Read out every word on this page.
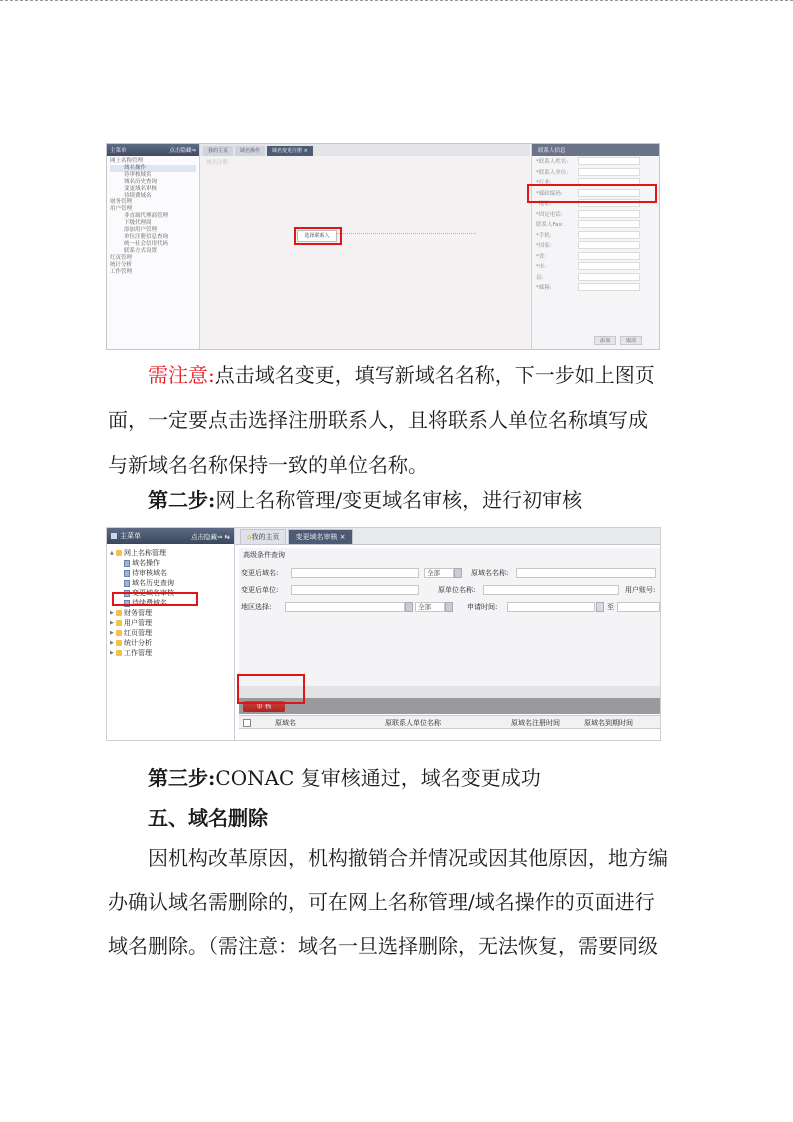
主菜单	点击隐藏⇒
网上名称管理
域名操作
待审核域名
域名历史查询
变更域名审核
待续费域名
财务管理
用户管理
非直属代理商管理
下级代理商
添加用户管理
单位注册信息查询
统一社会信用代码
联系方式设置
红页管理
统计分析
工作管理
我的主页	域名操作	域名变更注册 ×
域名注册
选择联系人
联系人信息
*联系人姓名:
*联系人单位:
*行业:
*邮政编码:
*地址:
*固定电话:
联系人Fax:
*手机:
*国家:
*省:
*市:
县:
*邮箱:
添加	取消
需注意:点击域名变更，填写新域名名称，下一步如上图页
面，一定要点击选择注册联系人，且将联系人单位名称填写成
与新域名名称保持一致的单位名称。
第二步:网上名称管理/变更域名审核，进行初审核
主菜单	点击隐藏⇒ ⇆
▲	网上名称管理
域名操作
待审核域名
域名历史查询
变更域名审核
待续费域名
▶	财务管理
▶	用户管理
▶	红页管理
▶	统计分析
▶	工作管理
⌂我的主页	变更域名审核 ×
高级条件查询
变更后域名:	全部	原域名名称:
变更后单位:	原单位名称:	用户账号:
地区选择:	全部	申请时间:	至
审 核
原域名	原联系人单位名称	原域名注册时间	原域名到期时间
第三步:CONAC 复审核通过，域名变更成功
五、域名删除
因机构改革原因，机构撤销合并情况或因其他原因，地方编
办确认域名需删除的，可在网上名称管理/域名操作的页面进行
域名删除。（需注意：域名一旦选择删除，无法恢复，需要同级
